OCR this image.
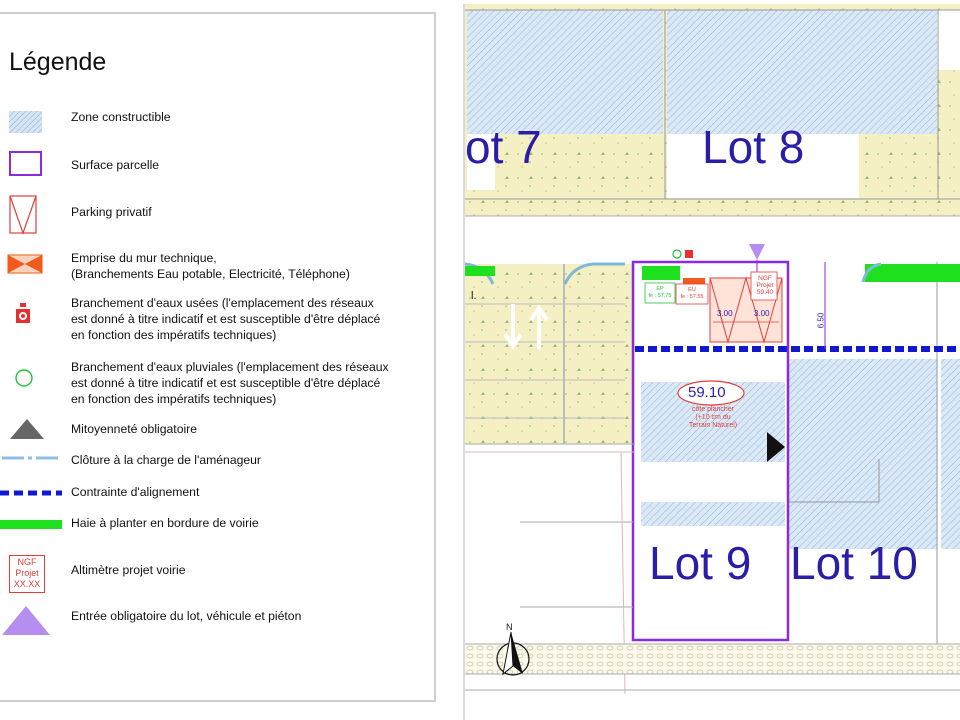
Légende
Zone constructible
Surface parcelle
Parking privatif
Emprise du mur technique,
(Branchements Eau potable, Electricité, Téléphone)
Branchement d'eaux usées (l'emplacement des réseaux
est donné à titre indicatif et est susceptible d'être déplacé
en fonction des impératifs techniques)
Branchement d'eaux pluviales (l'emplacement des réseaux
est donné à titre indicatif et est susceptible d'être déplacé
en fonction des impératifs techniques)
Mitoyenneté obligatoire
Clôture à la charge de l'aménageur
Contrainte d'alignement
Haie à planter en bordure de voirie
NGF
Projet
XX.XX
Altimètre projet voirie
Entrée obligatoire du lot, véhicule et piéton
ot 7	Lot 8
Lot 9 Lot 10
59.10
côte plancher
(+10 cm du
Terrain Naturel)
3.00	3.00	6.50
NGF
Projet
59.40
EP
fe : 57.75
EU
fe : 57.55
N
l.
